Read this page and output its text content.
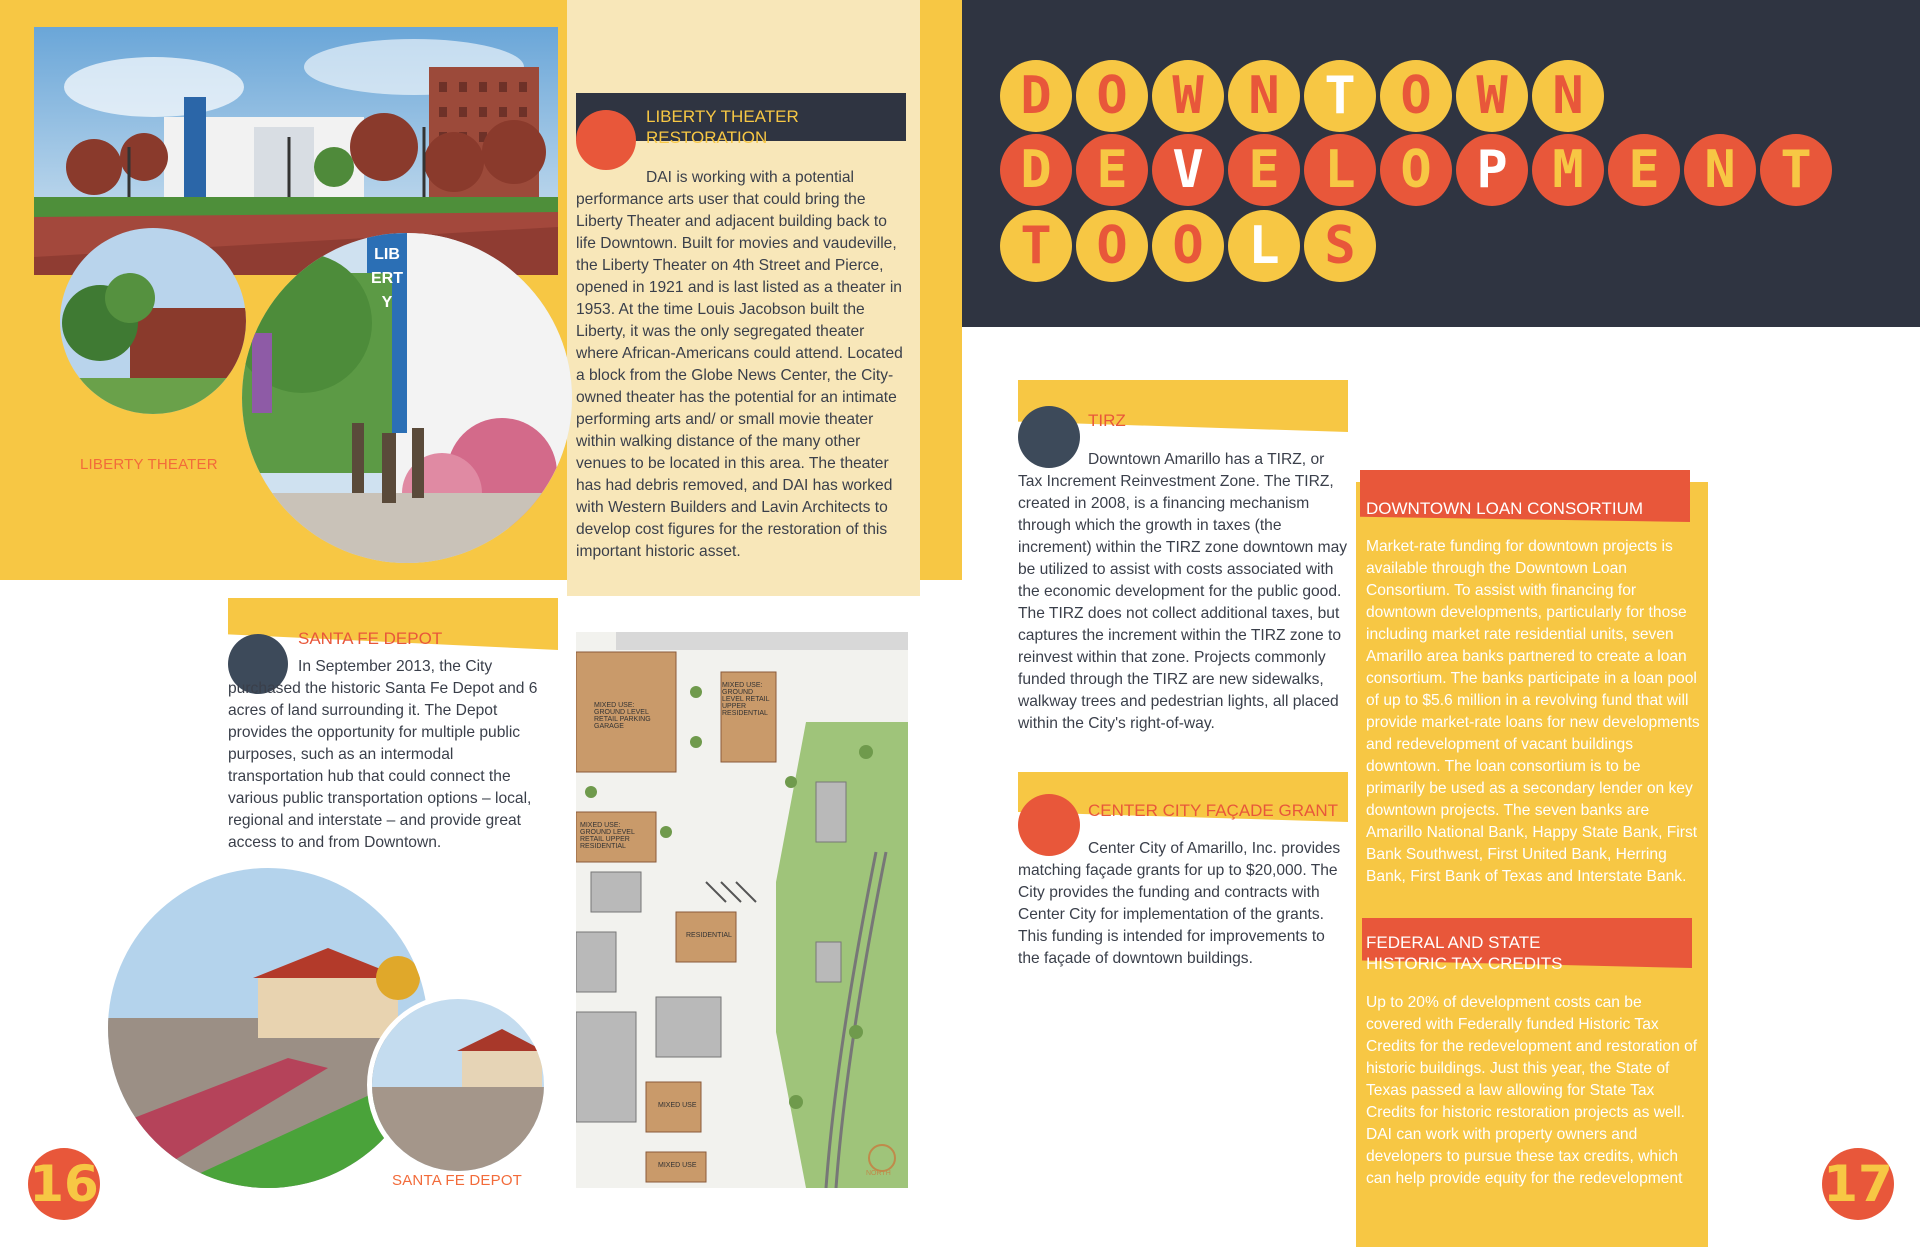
LIBERTY
LIBERTY THEATER
LIBERTY THEATER RESTORATION
DAI is working with a potential performance arts user that could bring the Liberty Theater and adjacent building back to life Downtown. Built for movies and vaudeville, the Liberty Theater on 4th Street and Pierce, opened in 1921 and is last listed as a theater in 1953. At the time Louis Jacobson built the Liberty, it was the only segregated theater where African-Americans could attend. Located a block from the Globe News Center, the City-owned theater has the potential for an intimate performing arts and/ or small movie theater within walking distance of the many other venues to be located in this area. The theater has had debris removed, and DAI has worked with Western Builders and Lavin Architects to develop cost figures for the restoration of this important historic asset.
SANTA FE DEPOT
In September 2013, the City purchased the historic Santa Fe Depot and 6 acres of land surrounding it. The Depot provides the opportunity for multiple public purposes, such as an intermodal transportation hub that could connect the various public transportation options – local, regional and interstate – and provide great access to and from Downtown.
SANTA FE DEPOT
MIXED USE: GROUND LEVEL RETAIL PARKING GARAGE
MIXED USE: GROUND LEVEL RETAIL UPPER RESIDENTIAL
MIXED USE: GROUND LEVEL RETAIL UPPER RESIDENTIAL
RESIDENTIAL
MIXED USE
MIXED USE
NORTH
16
D O W N T O W N
D E V E L O P M E N T
T O O L S
TIRZ
Downtown Amarillo has a TIRZ, or Tax Increment Reinvestment Zone. The TIRZ, created in 2008, is a financing mechanism through which the growth in taxes (the increment) within the TIRZ zone downtown may be utilized to assist with costs associated with the economic development for the public good. The TIRZ does not collect additional taxes, but captures the increment within the TIRZ zone to reinvest within that zone. Projects commonly funded through the TIRZ are new sidewalks, walkway trees and pedestrian lights, all placed within the City's right-of-way.
CENTER CITY FAÇADE GRANT
Center City of Amarillo, Inc. provides matching façade grants for up to $20,000. The City provides the funding and contracts with Center City for implementation of the grants. This funding is intended for improvements to the façade of downtown buildings.
DOWNTOWN LOAN CONSORTIUM
Market-rate funding for downtown projects is available through the Downtown Loan Consortium. To assist with financing for downtown developments, particularly for those including market rate residential units, seven Amarillo area banks partnered to create a loan consortium. The banks participate in a loan pool of up to $5.6 million in a revolving fund that will provide market-rate loans for new developments and redevelopment of vacant buildings downtown. The loan consortium is to be primarily be used as a secondary lender on key downtown projects. The seven banks are Amarillo National Bank, Happy State Bank, First Bank Southwest, First United Bank, Herring Bank, First Bank of Texas and Interstate Bank.
FEDERAL AND STATE HISTORIC TAX CREDITS
Up to 20% of development costs can be covered with Federally funded Historic Tax Credits for the redevelopment and restoration of historic buildings. Just this year, the State of Texas passed a law allowing for State Tax Credits for historic restoration projects as well. DAI can work with property owners and developers to pursue these tax credits, which can help provide equity for the redevelopment	17
